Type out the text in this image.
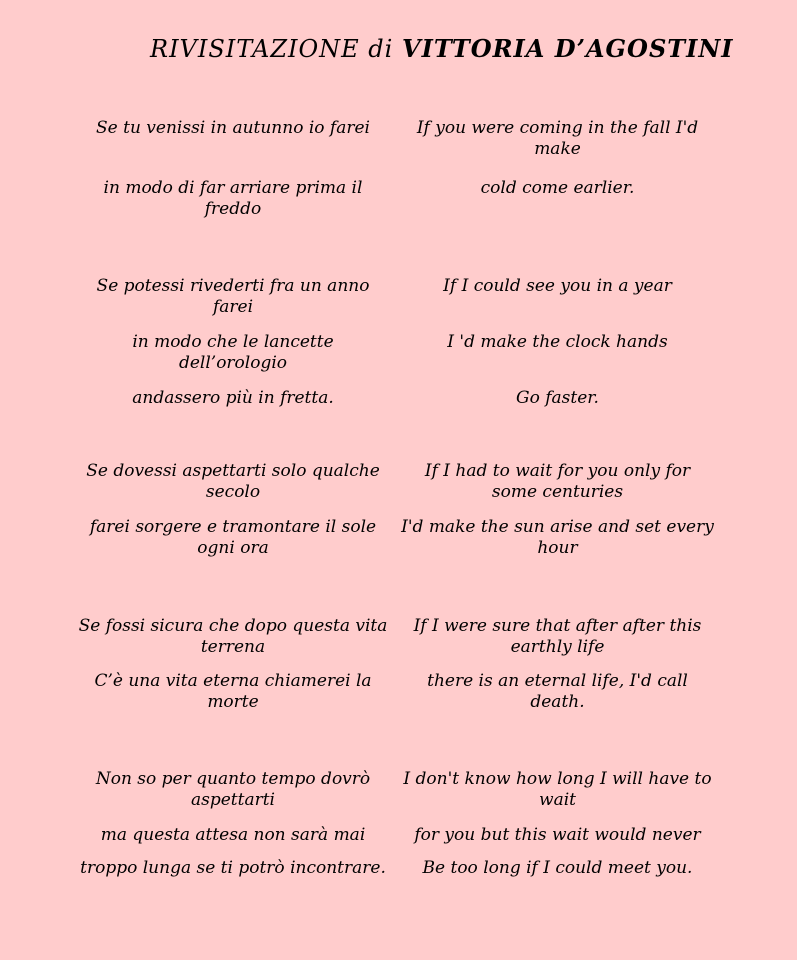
RIVISITAZIONE di VITTORIA D’AGOSTINI
Se tu venissi in autunno io farei
in modo di far arriare prima il freddo
Se potessi rivederti fra un anno farei
in modo che le lancette dell’orologio
andassero più in fretta.
Se dovessi aspettarti solo qualche secolo
farei sorgere e tramontare il sole ogni ora
Se fossi sicura che dopo questa vita terrena
C’è una vita eterna chiamerei la morte
Non so per quanto tempo dovrò aspettarti
ma questa attesa non sarà mai
troppo lunga se ti potrò incontrare.
If you were coming in the fall I'd make
cold come earlier.
If I could see you in a year
I 'd make the clock hands
Go faster.
If I had to wait for you only for some centuries
I'd make the sun arise and set every hour
If I were sure that after after this earthly life
there is an eternal life, I'd call death.
I don't know how long I will have to wait
for you but this wait would never
Be too long if I could meet you.
